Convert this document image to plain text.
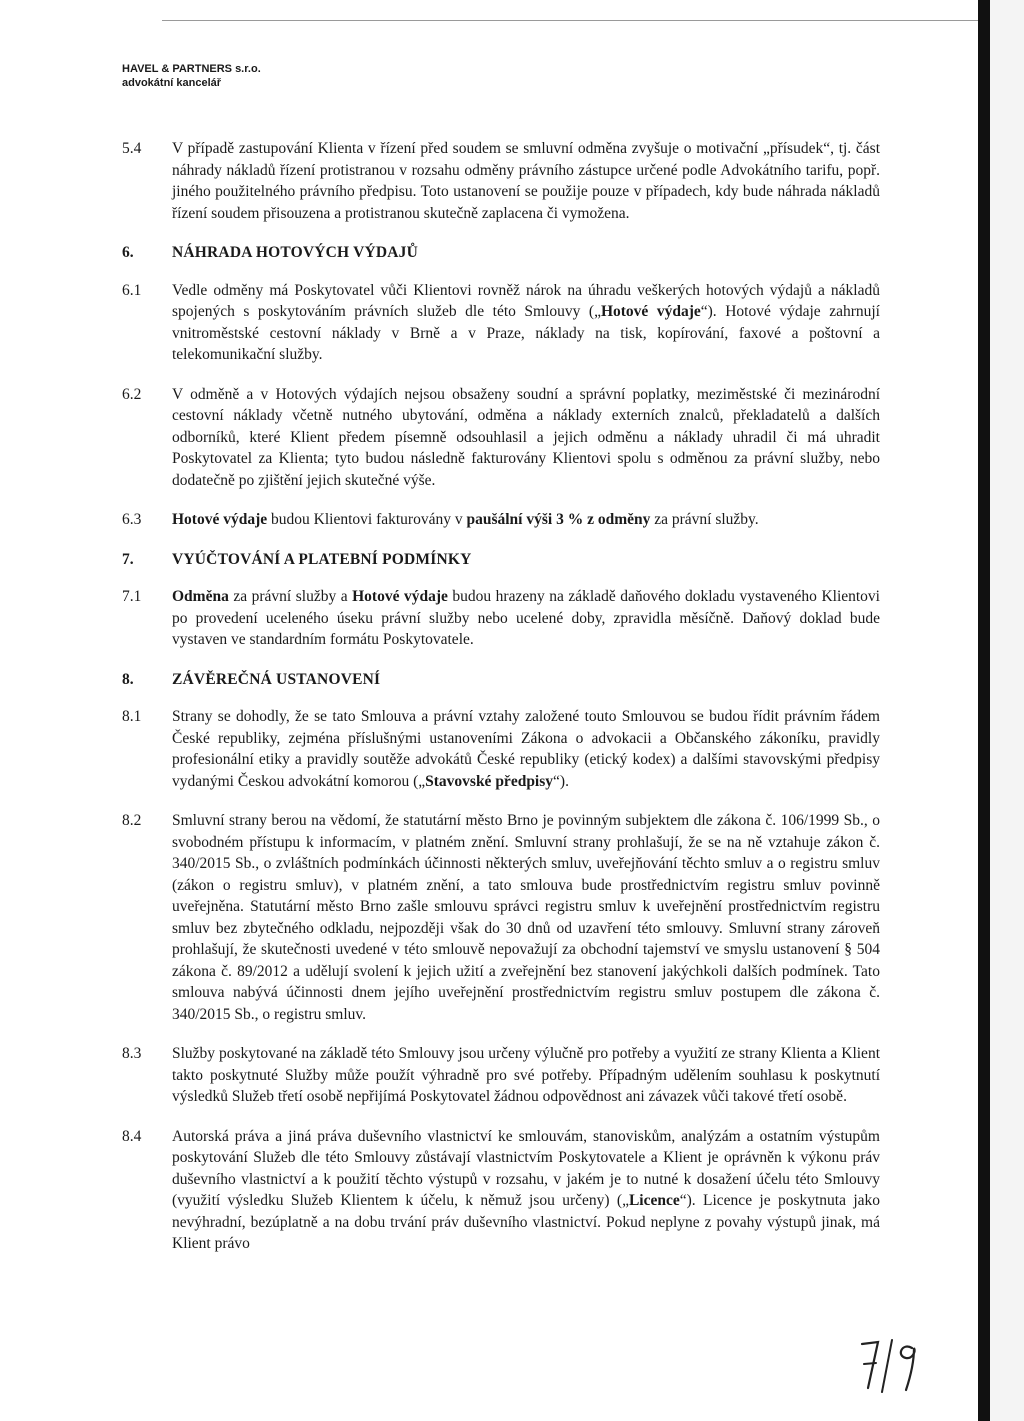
HAVEL & PARTNERS s.r.o.
advokátní kancelář
5.4	V případě zastupování Klienta v řízení před soudem se smluvní odměna zvyšuje o motivační „přísudek“, tj. část náhrady nákladů řízení protistranou v rozsahu odměny právního zástupce určené podle Advokátního tarifu, popř. jiného použitelného právního předpisu. Toto ustanovení se použije pouze v případech, kdy bude náhrada nákladů řízení soudem přisouzena a protistranou skutečně zaplacena či vymožena.
6.	NÁHRADA HOTOVÝCH VÝDAJŮ
6.1	Vedle odměny má Poskytovatel vůči Klientovi rovněž nárok na úhradu veškerých hotových výdajů a nákladů spojených s poskytováním právních služeb dle této Smlouvy („Hotové výdaje“). Hotové výdaje zahrnují vnitroměstské cestovní náklady v Brně a v Praze, náklady na tisk, kopírování, faxové a poštovní a telekomunikační služby.
6.2	V odměně a v Hotových výdajích nejsou obsaženy soudní a správní poplatky, meziměstské či mezinárodní cestovní náklady včetně nutného ubytování, odměna a náklady externích znalců, překladatelů a dalších odborníků, které Klient předem písemně odsouhlasil a jejich odměnu a náklady uhradil či má uhradit Poskytovatel za Klienta; tyto budou následně fakturovány Klientovi spolu s odměnou za právní služby, nebo dodatečně po zjištění jejich skutečné výše.
6.3	Hotové výdaje budou Klientovi fakturovány v paušální výši 3 % z odměny za právní služby.
7.	VYÚČTOVÁNÍ A PLATEBNÍ PODMÍNKY
7.1	Odměna za právní služby a Hotové výdaje budou hrazeny na základě daňového dokladu vystaveného Klientovi po provedení uceleného úseku právní služby nebo ucelené doby, zpravidla měsíčně. Daňový doklad bude vystaven ve standardním formátu Poskytovatele.
8.	ZÁVĚREČNÁ USTANOVENÍ
8.1	Strany se dohodly, že se tato Smlouva a právní vztahy založené touto Smlouvou se budou řídit právním řádem České republiky, zejména příslušnými ustanoveními Zákona o advokacii a Občanského zákoníku, pravidly profesionální etiky a pravidly soutěže advokátů České republiky (etický kodex) a dalšími stavovskými předpisy vydanými Českou advokátní komorou („Stavovské předpisy“).
8.2	Smluvní strany berou na vědomí, že statutární město Brno je povinným subjektem dle zákona č. 106/1999 Sb., o svobodném přístupu k informacím, v platném znění. Smluvní strany prohlašují, že se na ně vztahuje zákon č. 340/2015 Sb., o zvláštních podmínkách účinnosti některých smluv, uveřejňování těchto smluv a o registru smluv (zákon o registru smluv), v platném znění, a tato smlouva bude prostřednictvím registru smluv povinně uveřejněna. Statutární město Brno zašle smlouvu správci registru smluv k uveřejnění prostřednictvím registru smluv bez zbytečného odkladu, nejpozději však do 30 dnů od uzavření této smlouvy. Smluvní strany zároveň prohlašují, že skutečnosti uvedené v této smlouvě nepovažují za obchodní tajemství ve smyslu ustanovení § 504 zákona č. 89/2012 a udělují svolení k jejich užití a zveřejnění bez stanovení jakýchkoli dalších podmínek. Tato smlouva nabývá účinnosti dnem jejího uveřejnění prostřednictvím registru smluv postupem dle zákona č. 340/2015 Sb., o registru smluv.
8.3	Služby poskytované na základě této Smlouvy jsou určeny výlučně pro potřeby a využití ze strany Klienta a Klient takto poskytnuté Služby může použít výhradně pro své potřeby. Případným udělením souhlasu k poskytnutí výsledků Služeb třetí osobě nepřijímá Poskytovatel žádnou odpovědnost ani závazek vůči takové třetí osobě.
8.4	Autorská práva a jiná práva duševního vlastnictví ke smlouvám, stanoviskům, analýzám a ostatním výstupům poskytování Služeb dle této Smlouvy zůstávají vlastnictvím Poskytovatele a Klient je oprávněn k výkonu práv duševního vlastnictví a k použití těchto výstupů v rozsahu, v jakém je to nutné k dosažení účelu této Smlouvy (využití výsledku Služeb Klientem k účelu, k němuž jsou určeny) („Licence“). Licence je poskytnuta jako nevýhradní, bezúplatně a na dobu trvání práv duševního vlastnictví. Pokud neplyne z povahy výstupů jinak, má Klient právo
